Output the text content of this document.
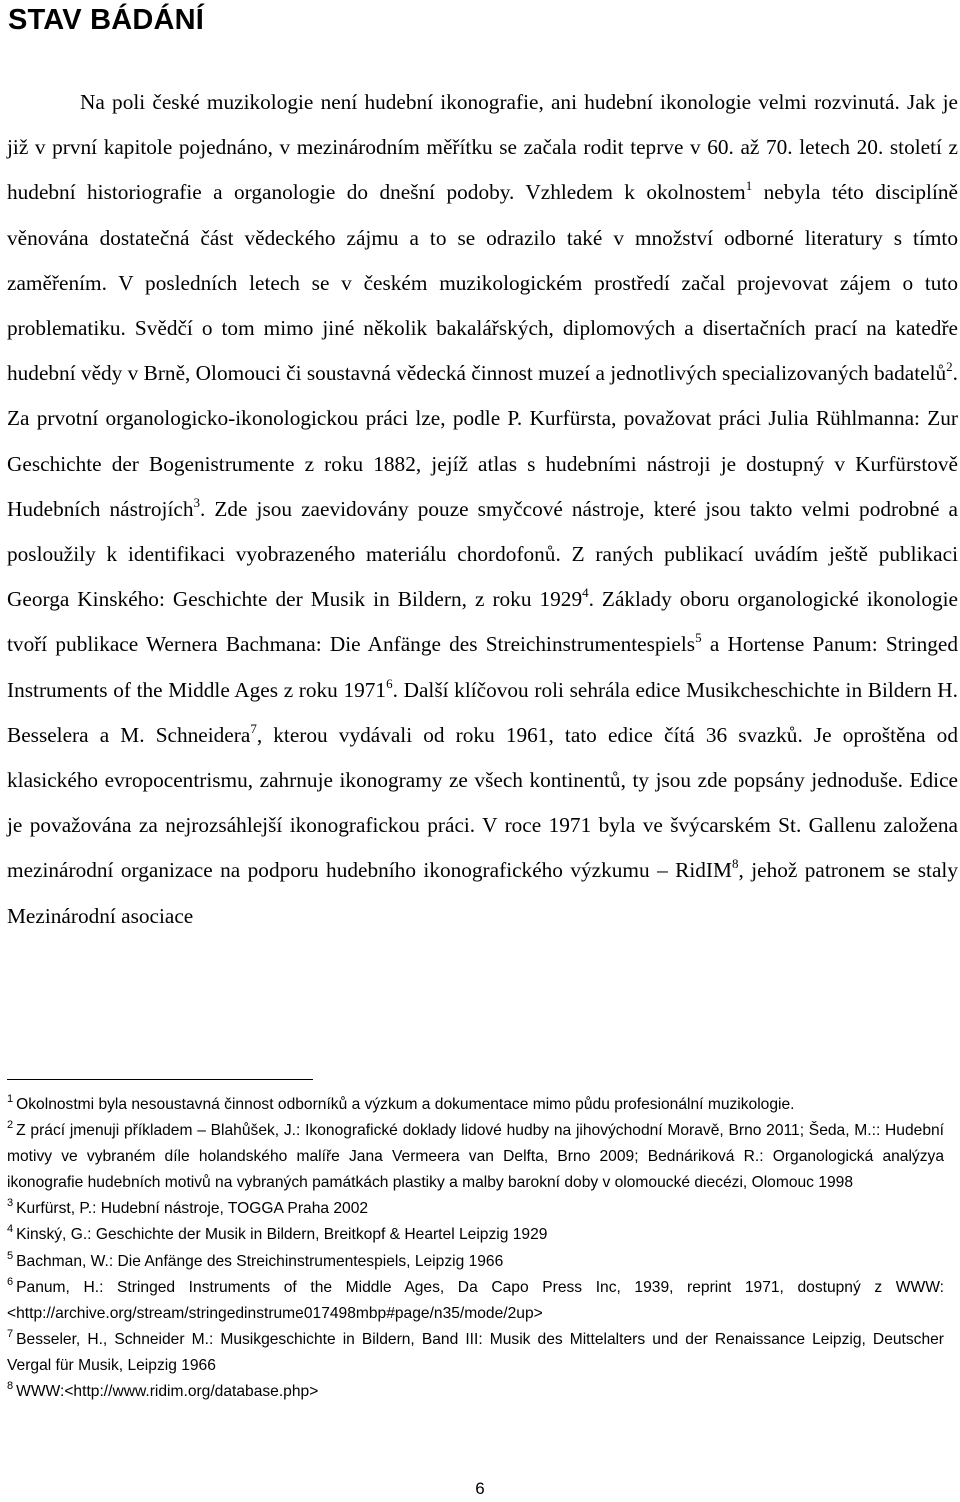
STAV BÁDÁNÍ

Na poli české muzikologie není hudební ikonografie, ani hudební ikonologie velmi rozvinutá. Jak je již v první kapitole pojednáno, v mezinárodním měřítku se začala rodit teprve v 60. až 70. letech 20. století z hudební historiografie a organologie do dnešní podoby. Vzhledem k okolnostem$^1$ nebyla této disciplíně věnována dostatečná část vědeckého zájmu a to se odrazilo také v množství odborné literatury s tímto zaměřením. V posledních letech se v českém muzikologickém prostředí začal projevovat zájem o tuto problematiku. Svědčí o tom mimo jiné několik bakalářských, diplomových a disertačních prací na katedře hudební vědy v Brně, Olomouci či soustavná vědecká činnost muzeí a jednotlivých specializovaných badatelů$^2$. Za prvotní organologicko-ikonologickou práci lze, podle P. Kurfürsta, považovat práci Julia Rühlmanna: Zur Geschichte der Bogenistrumente z roku 1882, jejíž atlas s hudebními nástroji je dostupný v Kurfürstově Hudebních nástrojích$^3$. Zde jsou zaevidovány pouze smyčcové nástroje, které jsou takto velmi podrobné a posloužily k identifikaci vyobrazeného materiálu chordofonů. Z raných publikací uvádím ještě publikaci Georga Kinského: Geschichte der Musik in Bildern, z roku 1929$^4$. Základy oboru organologické ikonologie tvoří publikace Wernera Bachmana: Die Anfänge des Streichinstrumentespiels$^5$ a Hortense Panum: Stringed Instruments of the Middle Ages z roku 1971$^6$. Další klíčovou roli sehrála edice Musikcheschichte in Bildern H. Besselera a M. Schneidera$^7$, kterou vydávali od roku 1961, tato edice čítá 36 svazků. Je oproštěna od klasického evropocentrismu, zahrnuje ikonogramy ze všech kontinentů, ty jsou zde popsány jednoduše. Edice je považována za nejrozsáhlejší ikonografickou práci. V roce 1971 byla ve švýcarském St. Gallenu založena mezinárodní organizace na podporu hudebního ikonografického výzkumu – RidIM$^8$, jehož patronem se staly Mezinárodní asociace

$^1$ Okolnostmi byla nesoustavná činnost odborníků a výzkum a dokumentace mimo půdu profesionální muzikologie.

$^2$ Z prácí jmenuji příkladem – Blahůšek, J.: Ikonografické doklady lidové hudby na jihovýchodní Moravě, Brno 2011; Šeda, M.:: Hudební motivy ve vybraném díle holandského malíře Jana Vermeera van Delfta, Brno 2009; Bednáriková R.: Organologická analýzya ikonografie hudebních motivů na vybraných památkách plastiky a malby barokní doby v olomoucké diecézi, Olomouc 1998

$^3$ Kurfürst, P.: Hudební nástroje, TOGGA Praha 2002

$^4$ Kinský, G.: Geschichte der Musik in Bildern, Breitkopf & Heartel Leipzig 1929

$^5$ Bachman, W.: Die Anfänge des Streichinstrumentespiels, Leipzig 1966

$^6$ Panum, H.: Stringed Instruments of the Middle Ages, Da Capo Press Inc, 1939, reprint 1971, dostupný z WWW:<http://archive.org/stream/stringedinstrume017498mbp#page/n35/mode/2up>

$^7$ Besseler, H., Schneider M.: Musikgeschichte in Bildern, Band III: Musik des Mittelalters und der Renaissance Leipzig, Deutscher Vergal für Musik, Leipzig 1966

$^8$ WWW:<http://www.ridim.org/database.php>

6
